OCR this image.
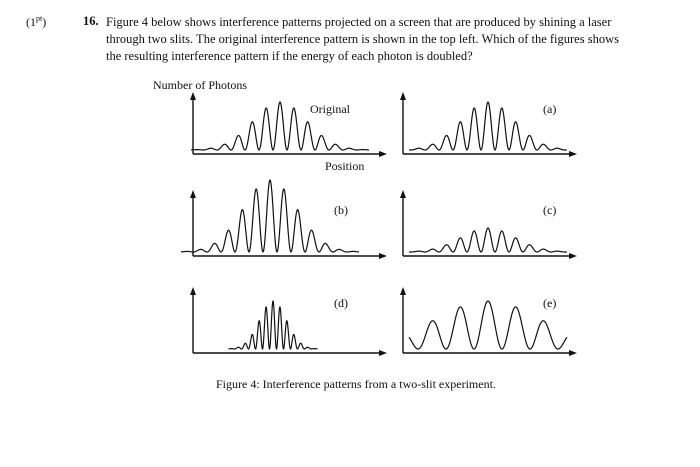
$(1^{pt})$	16. Figure 4 below shows interference patterns projected on a screen that are produced by shining a laser
through two slits. The original interference pattern is shown in the top left. Which of the figures shows
the resulting interference pattern if the energy of each photon is doubled?
Number of Photons
Position
Original	(a)
(b)	(c)
(d)	(e)
Figure 4: Interference patterns from a two-slit experiment.
